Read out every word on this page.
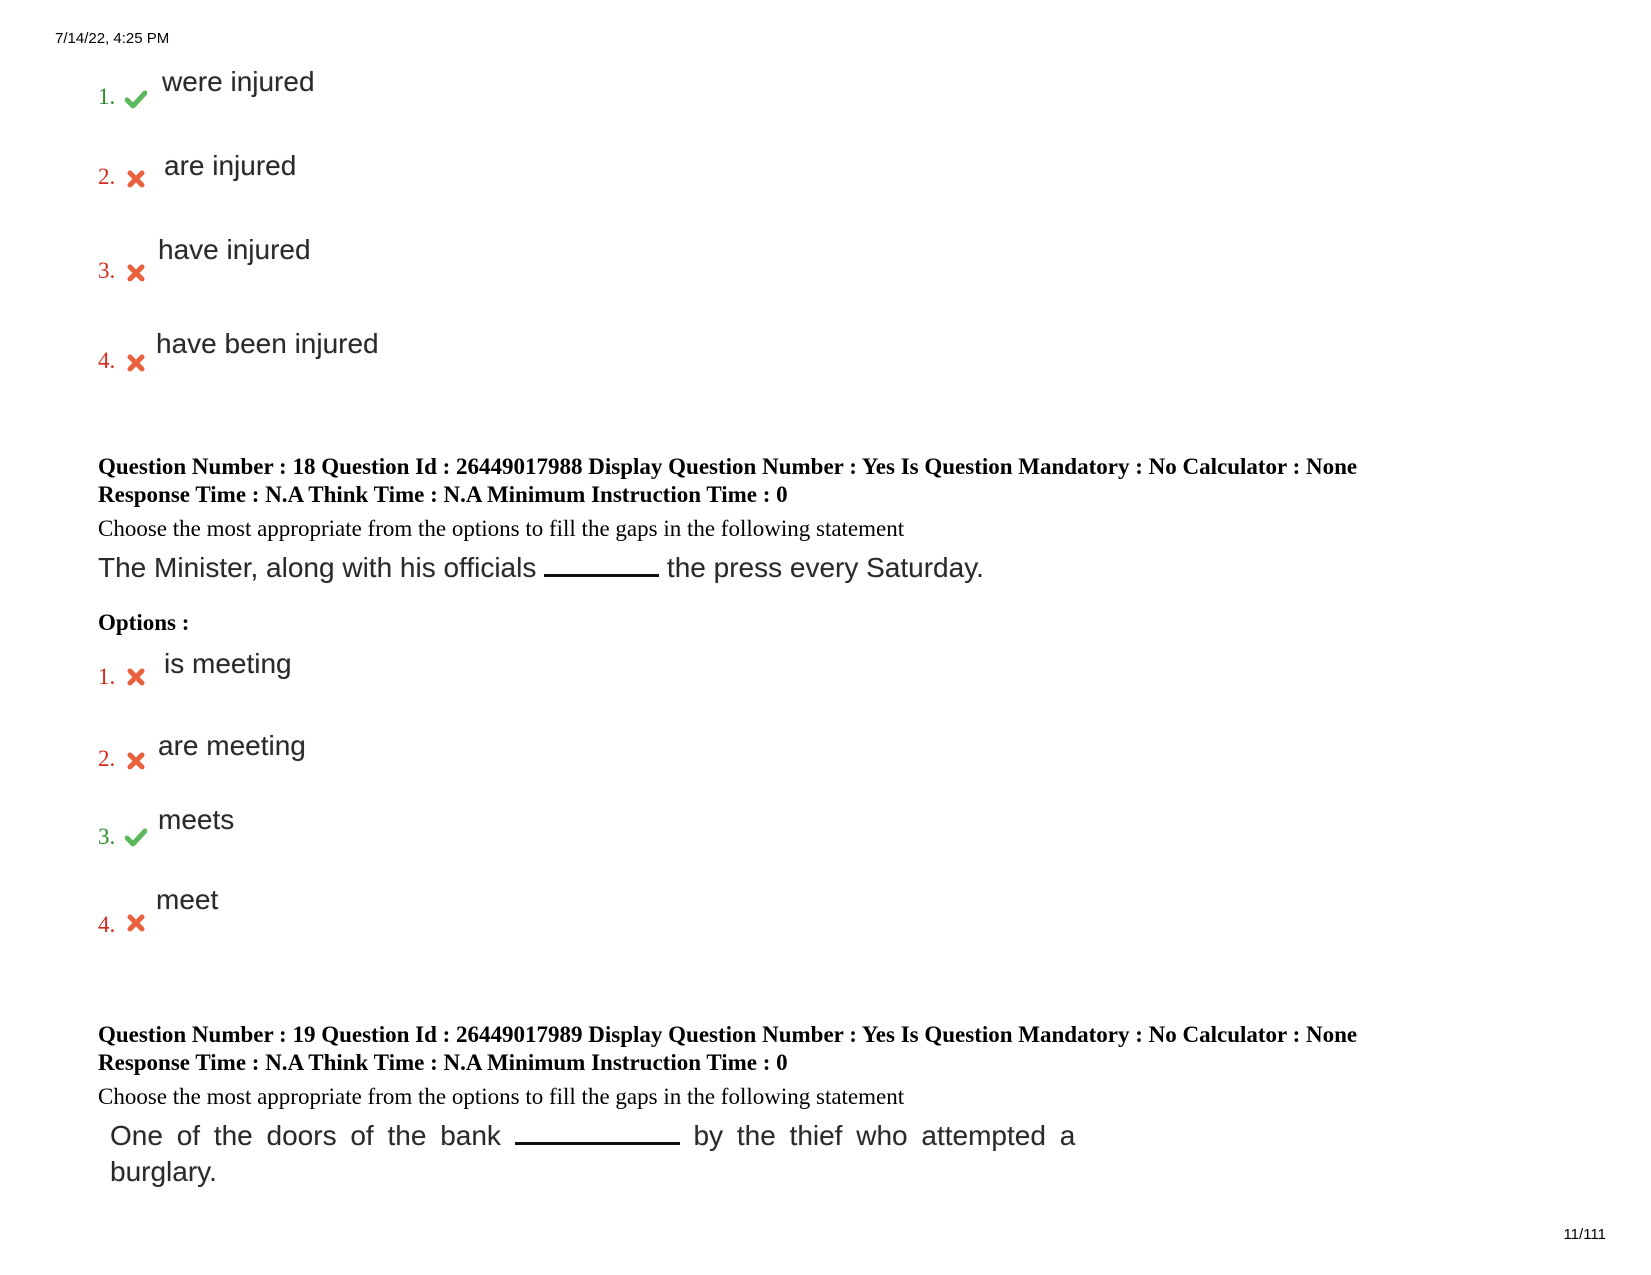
7/14/22, 4:25 PM
11/111
1. were injured
2. are injured
3.
have injured
4.
have been injured
Question Number : 18 Question Id : 26449017988 Display Question Number : Yes Is Question Mandatory : No Calculator : None
Response Time : N.A Think Time : N.A Minimum Instruction Time : 0
Choose the most appropriate from the options to fill the gaps in the following statement
The Minister, along with his officials	the press every Saturday.
Options :
1. is meeting
2. are meeting
3.
meets
4.
meet
Question Number : 19 Question Id : 26449017989 Display Question Number : Yes Is Question Mandatory : No Calculator : None
Response Time : N.A Think Time : N.A Minimum Instruction Time : 0
Choose the most appropriate from the options to fill the gaps in the following statement
One of the doors of the bank	by the thief who attempted a
burglary.
